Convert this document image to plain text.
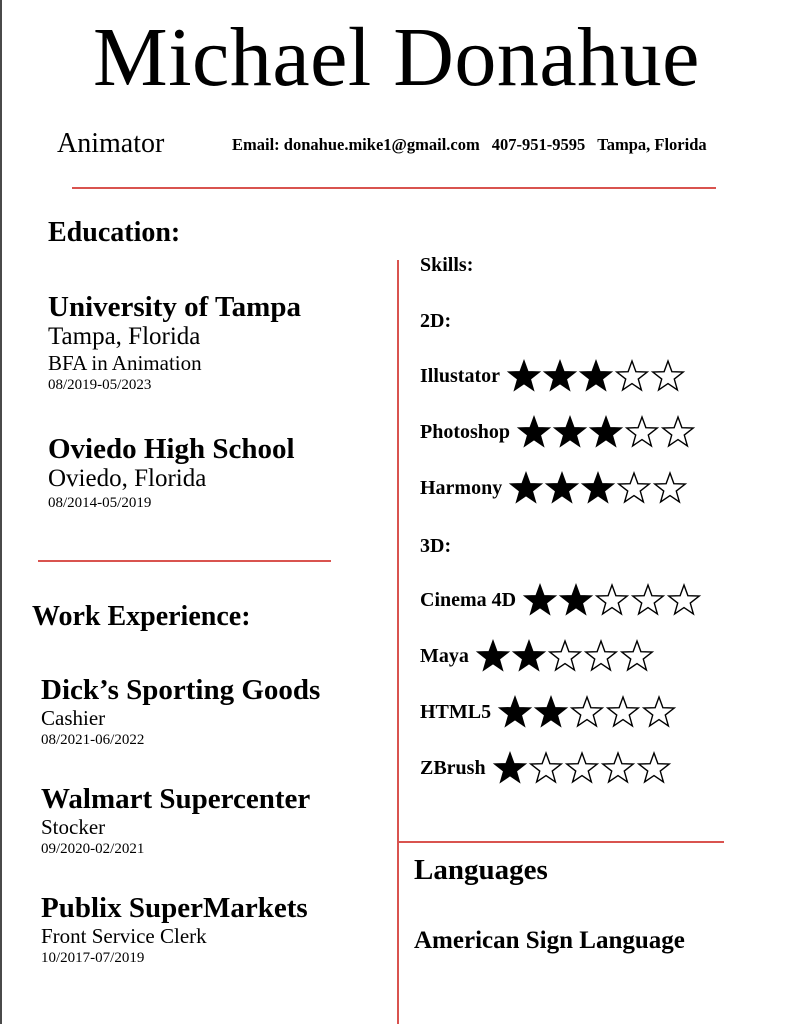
Michael Donahue
Animator	Email: donahue.mike1@gmail.com 407-951-9595 Tampa, Florida
Education:
University of Tampa
Tampa, Florida
BFA in Animation
08/2019-05/2023
Oviedo High School
Oviedo, Florida
08/2014-05/2019
Work Experience:
Dick’s Sporting Goods
Cashier
08/2021-06/2022
Walmart Supercenter
Stocker
09/2020-02/2021
Publix SuperMarkets
Front Service Clerk
10/2017-07/2019
Skills:
2D:
Illustator
Photoshop
Harmony
3D:
Cinema 4D
Maya
HTML5
ZBrush
Languages
American Sign Language
